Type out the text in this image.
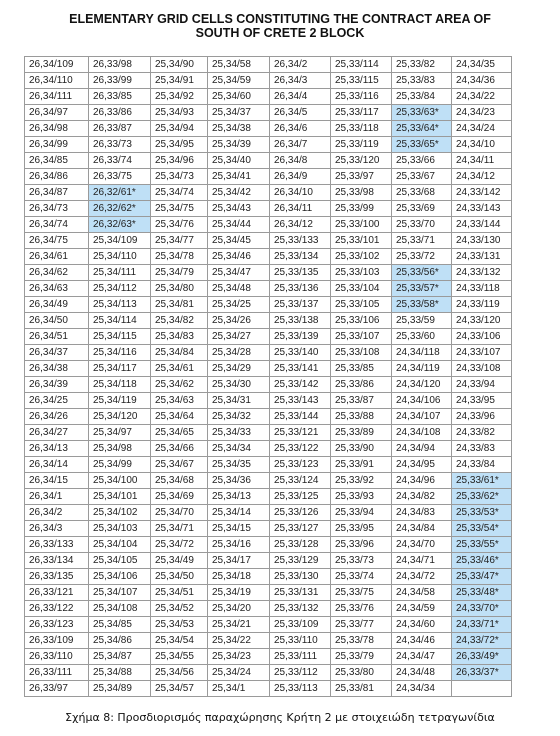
ELEMENTARY GRID CELLS CONSTITUTING THE CONTRACT AREA OF
SOUTH OF CRETE 2 BLOCK
26,34/109	26,33/98	25,34/90	25,34/58	26,34/2	25,33/114	25,33/82	24,34/35
26,34/110	26,33/99	25,34/91	25,34/59	26,34/3	25,33/115	25,33/83	24,34/36
26,34/111	26,33/85	25,34/92	25,34/60	26,34/4	25,33/116	25,33/84	24,34/22
26,34/97	26,33/86	25,34/93	25,34/37	26,34/5	25,33/117	25,33/63*	24,34/23
26,34/98	26,33/87	25,34/94	25,34/38	26,34/6	25,33/118	25,33/64*	24,34/24
26,34/99	26,33/73	25,34/95	25,34/39	26,34/7	25,33/119	25,33/65*	24,34/10
26,34/85	26,33/74	25,34/96	25,34/40	26,34/8	25,33/120	25,33/66	24,34/11
26,34/86	26,33/75	25,34/73	25,34/41	26,34/9	25,33/97	25,33/67	24,34/12
26,34/87	26,32/61*	25,34/74	25,34/42	26,34/10	25,33/98	25,33/68	24,33/142
26,34/73	26,32/62*	25,34/75	25,34/43	26,34/11	25,33/99	25,33/69	24,33/143
26,34/74	26,32/63*	25,34/76	25,34/44	26,34/12	25,33/100	25,33/70	24,33/144
26,34/75	25,34/109	25,34/77	25,34/45	25,33/133	25,33/101	25,33/71	24,33/130
26,34/61	25,34/110	25,34/78	25,34/46	25,33/134	25,33/102	25,33/72	24,33/131
26,34/62	25,34/111	25,34/79	25,34/47	25,33/135	25,33/103	25,33/56*	24,33/132
26,34/63	25,34/112	25,34/80	25,34/48	25,33/136	25,33/104	25,33/57*	24,33/118
26,34/49	25,34/113	25,34/81	25,34/25	25,33/137	25,33/105	25,33/58*	24,33/119
26,34/50	25,34/114	25,34/82	25,34/26	25,33/138	25,33/106	25,33/59	24,33/120
26,34/51	25,34/115	25,34/83	25,34/27	25,33/139	25,33/107	25,33/60	24,33/106
26,34/37	25,34/116	25,34/84	25,34/28	25,33/140	25,33/108	24,34/118	24,33/107
26,34/38	25,34/117	25,34/61	25,34/29	25,33/141	25,33/85	24,34/119	24,33/108
26,34/39	25,34/118	25,34/62	25,34/30	25,33/142	25,33/86	24,34/120	24,33/94
26,34/25	25,34/119	25,34/63	25,34/31	25,33/143	25,33/87	24,34/106	24,33/95
26,34/26	25,34/120	25,34/64	25,34/32	25,33/144	25,33/88	24,34/107	24,33/96
26,34/27	25,34/97	25,34/65	25,34/33	25,33/121	25,33/89	24,34/108	24,33/82
26,34/13	25,34/98	25,34/66	25,34/34	25,33/122	25,33/90	24,34/94	24,33/83
26,34/14	25,34/99	25,34/67	25,34/35	25,33/123	25,33/91	24,34/95	24,33/84
26,34/15	25,34/100	25,34/68	25,34/36	25,33/124	25,33/92	24,34/96	25,33/61*
26,34/1	25,34/101	25,34/69	25,34/13	25,33/125	25,33/93	24,34/82	25,33/62*
26,34/2	25,34/102	25,34/70	25,34/14	25,33/126	25,33/94	24,34/83	25,33/53*
26,34/3	25,34/103	25,34/71	25,34/15	25,33/127	25,33/95	24,34/84	25,33/54*
26,33/133	25,34/104	25,34/72	25,34/16	25,33/128	25,33/96	24,34/70	25,33/55*
26,33/134	25,34/105	25,34/49	25,34/17	25,33/129	25,33/73	24,34/71	25,33/46*
26,33/135	25,34/106	25,34/50	25,34/18	25,33/130	25,33/74	24,34/72	25,33/47*
26,33/121	25,34/107	25,34/51	25,34/19	25,33/131	25,33/75	24,34/58	25,33/48*
26,33/122	25,34/108	25,34/52	25,34/20	25,33/132	25,33/76	24,34/59	24,33/70*
26,33/123	25,34/85	25,34/53	25,34/21	25,33/109	25,33/77	24,34/60	24,33/71*
26,33/109	25,34/86	25,34/54	25,34/22	25,33/110	25,33/78	24,34/46	24,33/72*
26,33/110	25,34/87	25,34/55	25,34/23	25,33/111	25,33/79	24,34/47	26,33/49*
26,33/111	25,34/88	25,34/56	25,34/24	25,33/112	25,33/80	24,34/48	26,33/37*
26,33/97	25,34/89	25,34/57	25,34/1	25,33/113	25,33/81	24,34/34	
Σχήμα 8: Προσδιορισμός παραχώρησης Κρήτη 2 με στοιχειώδη τετραγωνίδια
